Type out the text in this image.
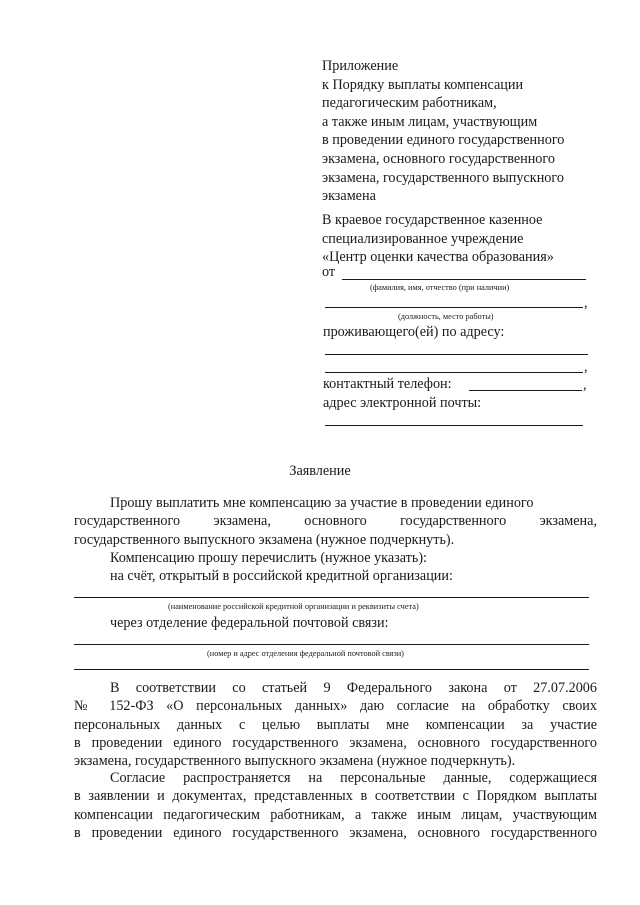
Приложение
к Порядку выплаты компенсации
педагогическим работникам,
а также иным лицам, участвующим
в проведении единого государственного
экзамена, основного государственного
экзамена, государственного выпускного
экзамена
В краевое государственное казенное
специализированное учреждение
«Центр оценки качества образования»
от
(фамилия, имя, отчество (при наличии)
,
(должность, место работы)
проживающего(ей) по адресу:
,
контактный телефон:	,
адрес электронной почты:
Заявление
Прошу выплатить мне компенсацию за участие в проведении единого
государственного экзамена, основного государственного экзамена,
государственного выпускного экзамена (нужное подчеркнуть).
Компенсацию прошу перечислить (нужное указать):
на счёт, открытый в российской кредитной организации:
(наименование российской кредитной организации и реквизиты счета)
через отделение федеральной почтовой связи:
(номер и адрес отделения федеральной почтовой связи)
В соответствии со статьей 9 Федерального закона от 27.07.2006
№ 152-ФЗ «О персональных данных» даю согласие на обработку своих
персональных данных с целью выплаты мне компенсации за участие
в проведении единого государственного экзамена, основного государственного
экзамена, государственного выпускного экзамена (нужное подчеркнуть).
Согласие распространяется на персональные данные, содержащиеся
в заявлении и документах, представленных в соответствии с Порядком выплаты
компенсации педагогическим работникам, а также иным лицам, участвующим
в проведении единого государственного экзамена, основного государственного
